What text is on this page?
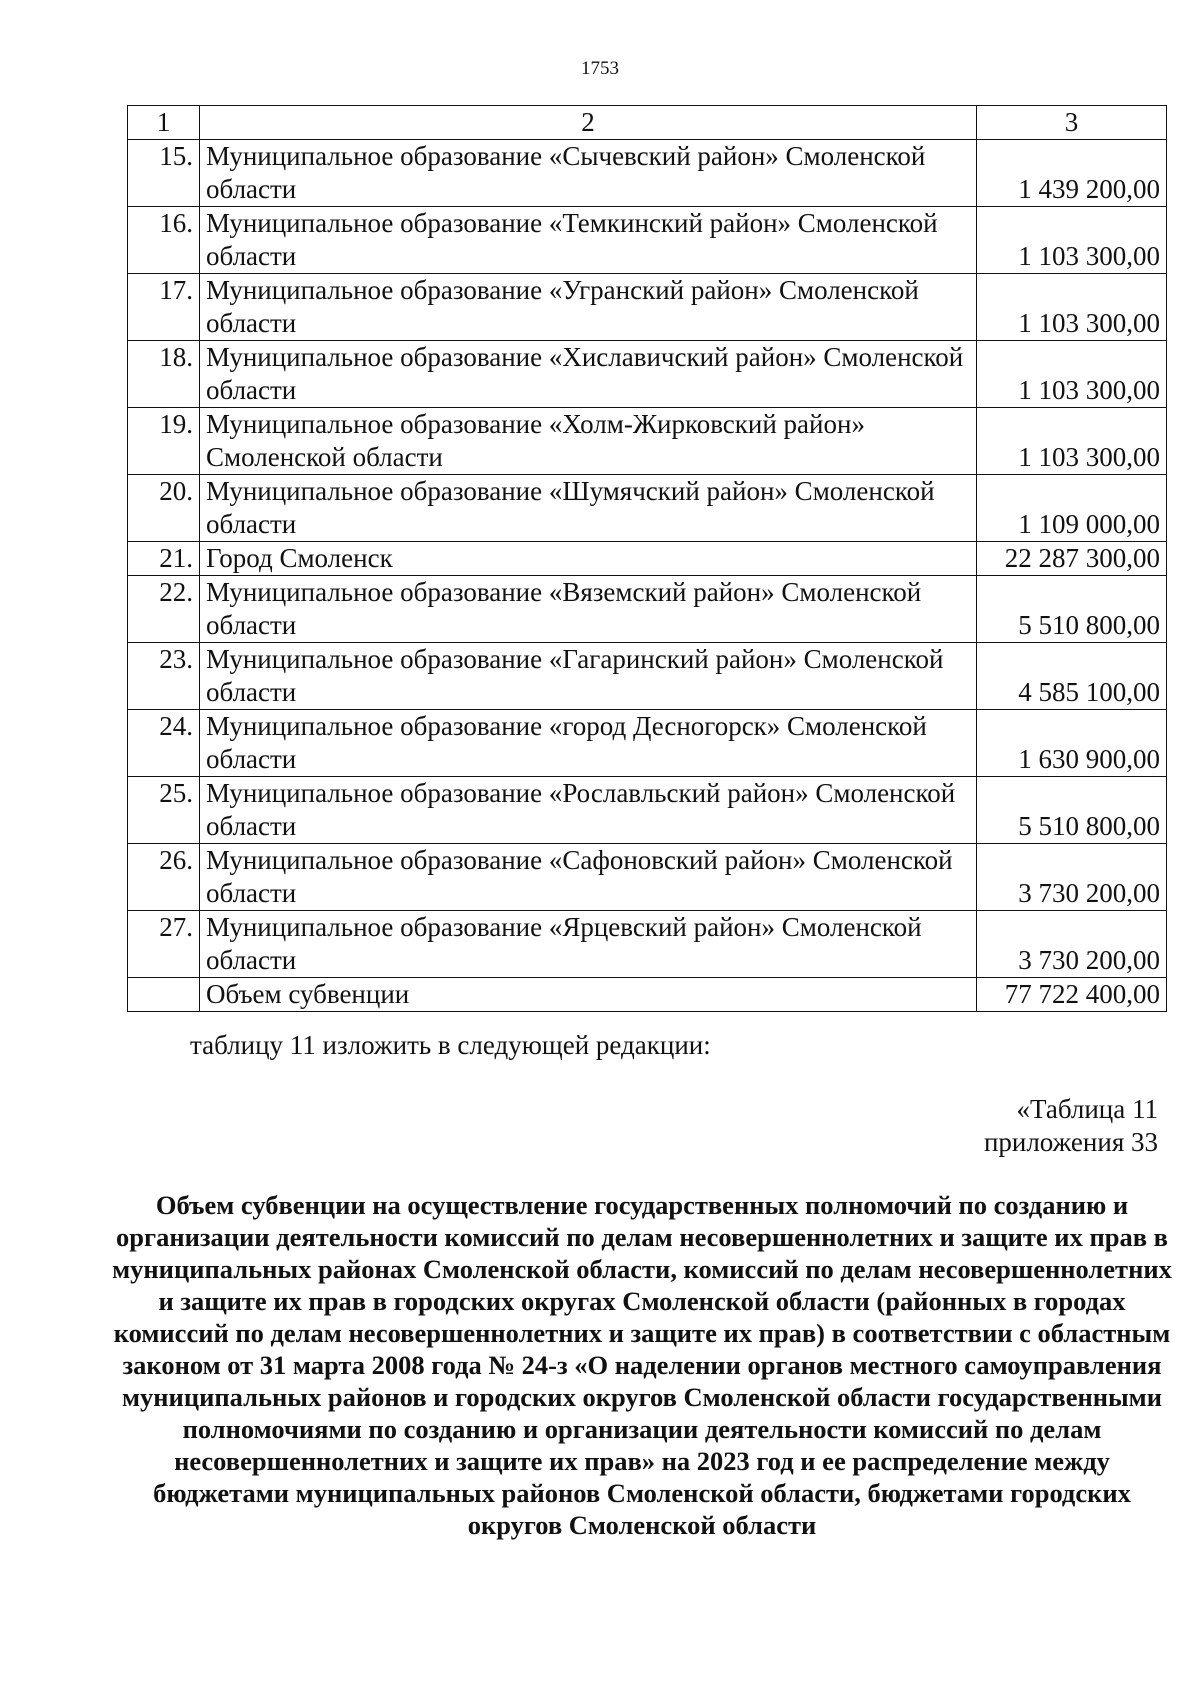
1753
1	2	3
15.	Муниципальное образование «Сычевский район» Смоленской области	1 439 200,00
16.	Муниципальное образование «Темкинский район» Смоленской области	1 103 300,00
17.	Муниципальное образование «Угранский район» Смоленской области	1 103 300,00
18.	Муниципальное образование «Хиславичский район» Смоленской области	1 103 300,00
19.	Муниципальное образование «Холм-Жирковский район» Смоленской области	1 103 300,00
20.	Муниципальное образование «Шумячский район» Смоленской области	1 109 000,00
21.	Город Смоленск	22 287 300,00
22.	Муниципальное образование «Вяземский район» Смоленской области	5 510 800,00
23.	Муниципальное образование «Гагаринский район» Смоленской области	4 585 100,00
24.	Муниципальное образование «город Десногорск» Смоленской области	1 630 900,00
25.	Муниципальное образование «Рославльский район» Смоленской области	5 510 800,00
26.	Муниципальное образование «Сафоновский район» Смоленской области	3 730 200,00
27.	Муниципальное образование «Ярцевский район» Смоленской области	3 730 200,00
	Объем субвенции	77 722 400,00
таблицу 11 изложить в следующей редакции:
«Таблица 11
приложения 33
Объем субвенции на осуществление государственных полномочий по созданию и организации деятельности комиссий по делам несовершеннолетних и защите их прав в муниципальных районах Смоленской области, комиссий по делам несовершеннолетних и защите их прав в городских округах Смоленской области (районных в городах комиссий по делам несовершеннолетних и защите их прав) в соответствии с областным законом от 31 марта 2008 года № 24-з «О наделении органов местного самоуправления муниципальных районов и городских округов Смоленской области государственными полномочиями по созданию и организации деятельности комиссий по делам несовершеннолетних и защите их прав» на 2023 год и ее распределение между бюджетами муниципальных районов Смоленской области, бюджетами городских округов Смоленской области
